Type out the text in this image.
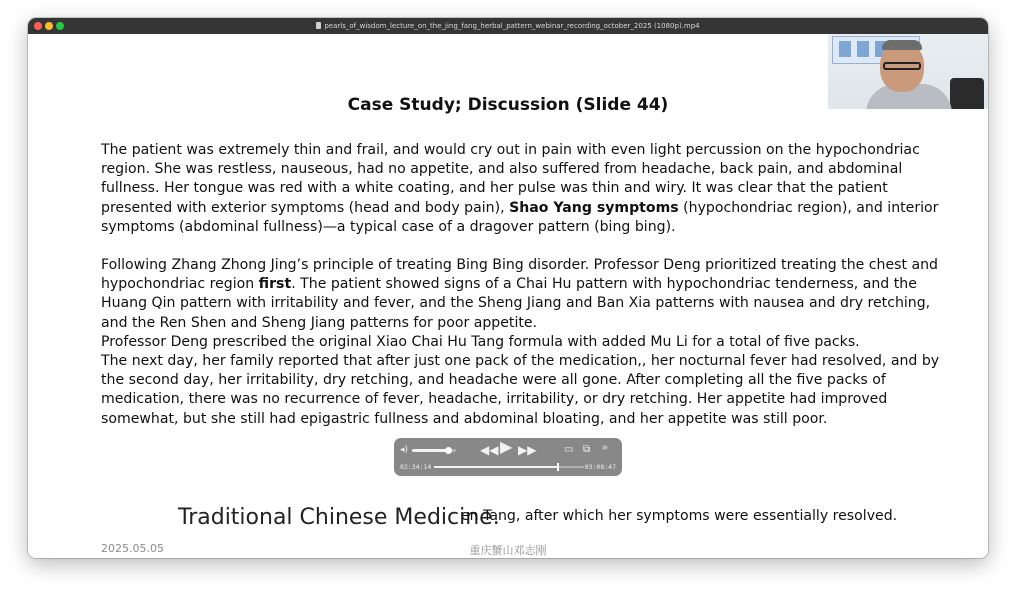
pearls_of_wisdom_lecture_on_the_jing_fang_herbal_pattern_webinar_recording_october_2025 (1080p).mp4
Case Study; Discussion (Slide 44)

The patient was extremely thin and frail, and would cry out in pain with even light percussion on the hypochondriac region. She was restless, nauseous, had no appetite, and also suffered from headache, back pain, and abdominal fullness. Her tongue was red with a white coating, and her pulse was thin and wiry. It was clear that the patient presented with exterior symptoms (head and body pain), Shao Yang symptoms (hypochondriac region), and interior symptoms (abdominal fullness)—a typical case of a dragover pattern (bing bing).

Following Zhang Zhong Jing’s principle of treating Bing Bing disorder. Professor Deng prioritized treating the chest and hypochondriac region first. The patient showed signs of a Chai Hu pattern with hypochondriac tenderness, and the Huang Qin pattern with irritability and fever, and the Sheng Jiang and Ban Xia patterns with nausea and dry retching, and the Ren Shen and Sheng Jiang patterns for poor appetite.

Professor Deng prescribed the original Xiao Chai Hu Tang formula with added Mu Li for a total of five packs.

The next day, her family reported that after just one pack of the medication,, her nocturnal fever had resolved, and by the second day, her irritability, dry retching, and headache were all gone. After completing all the five packs of medication, there was no recurrence of fever, headache, irritability, or dry retching. Her appetite had improved somewhat, but she still had epigastric fullness and abdominal bloating, and her appetite was still poor.

Traditional Chinese Medicine.
en Tang, after which her symptoms were essentially resolved.
2025.05.05	重庆蟹山邓志刚
◂)	◀◀ ▶ ▶▶	▭ ⧉ »
02:34:14	03:08:47
